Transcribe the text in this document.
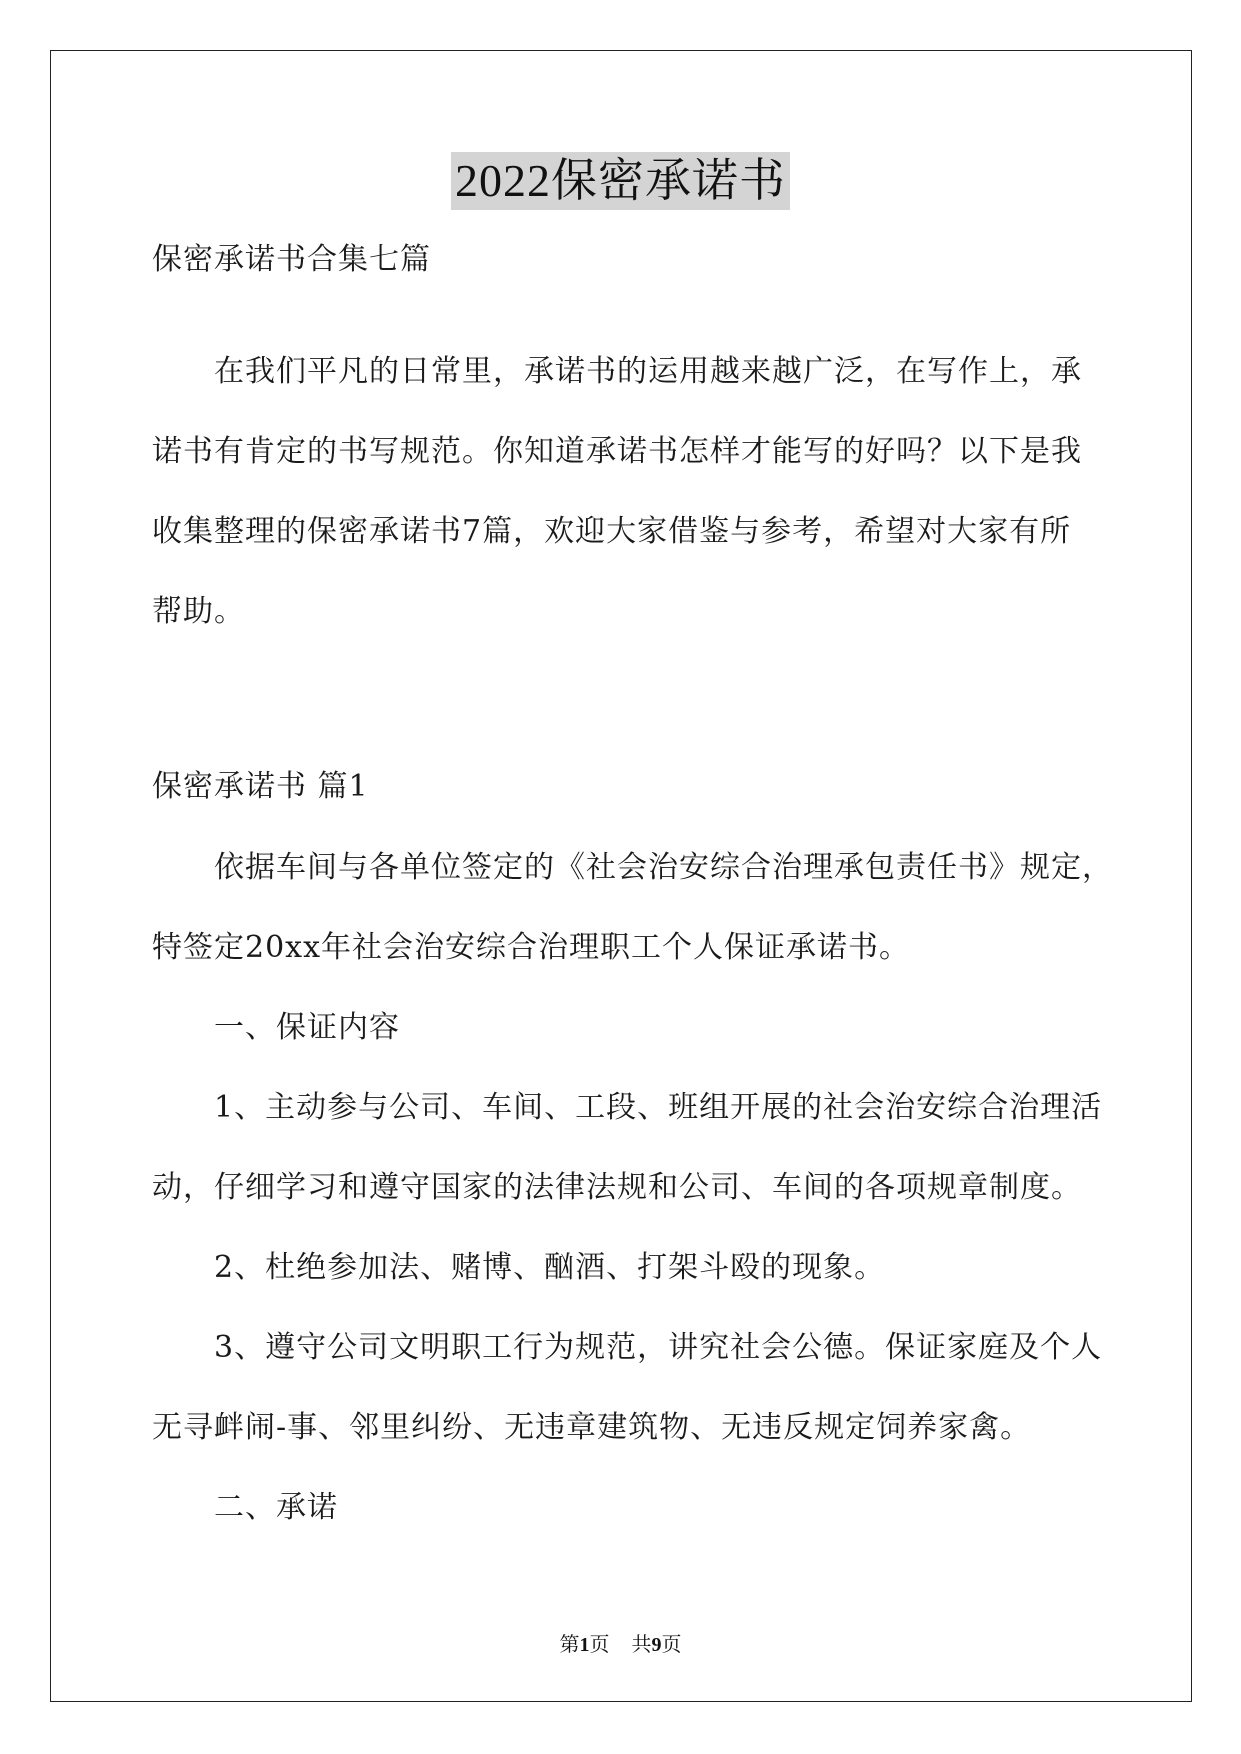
2022保密承诺书
保密承诺书合集七篇
在我们平凡的日常里，承诺书的运用越来越广泛，在写作上，承
诺书有肯定的书写规范。你知道承诺书怎样才能写的好吗？以下是我
收集整理的保密承诺书7篇，欢迎大家借鉴与参考，希望对大家有所
帮助。
保密承诺书 篇1
依据车间与各单位签定的《社会治安综合治理承包责任书》规定，
特签定20xx年社会治安综合治理职工个人保证承诺书。
一、保证内容
1、主动参与公司、车间、工段、班组开展的社会治安综合治理活
动，仔细学习和遵守国家的法律法规和公司、车间的各项规章制度。
2、杜绝参加法、赌博、酗酒、打架斗殴的现象。
3、遵守公司文明职工行为规范，讲究社会公德。保证家庭及个人
无寻衅闹-事、邻里纠纷、无违章建筑物、无违反规定饲养家禽。
二、承诺
第1页 共9页
